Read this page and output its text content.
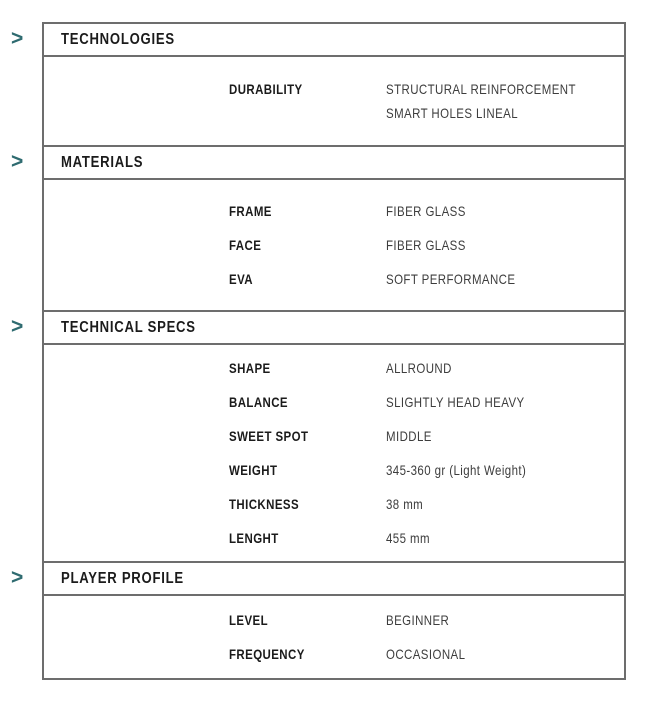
> TECHNOLOGIES
DURABILITY	STRUCTURAL REINFORCEMENT
SMART HOLES LINEAL
> MATERIALS
FRAME	FIBER GLASS
FACE	FIBER GLASS
EVA	SOFT PERFORMANCE
> TECHNICAL SPECS
SHAPE	ALLROUND
BALANCE	SLIGHTLY HEAD HEAVY
SWEET SPOT	MIDDLE
WEIGHT	345-360 gr (Light Weight)
THICKNESS	38 mm
LENGHT	455 mm
> PLAYER PROFILE
LEVEL	BEGINNER
FREQUENCY	OCCASIONAL
